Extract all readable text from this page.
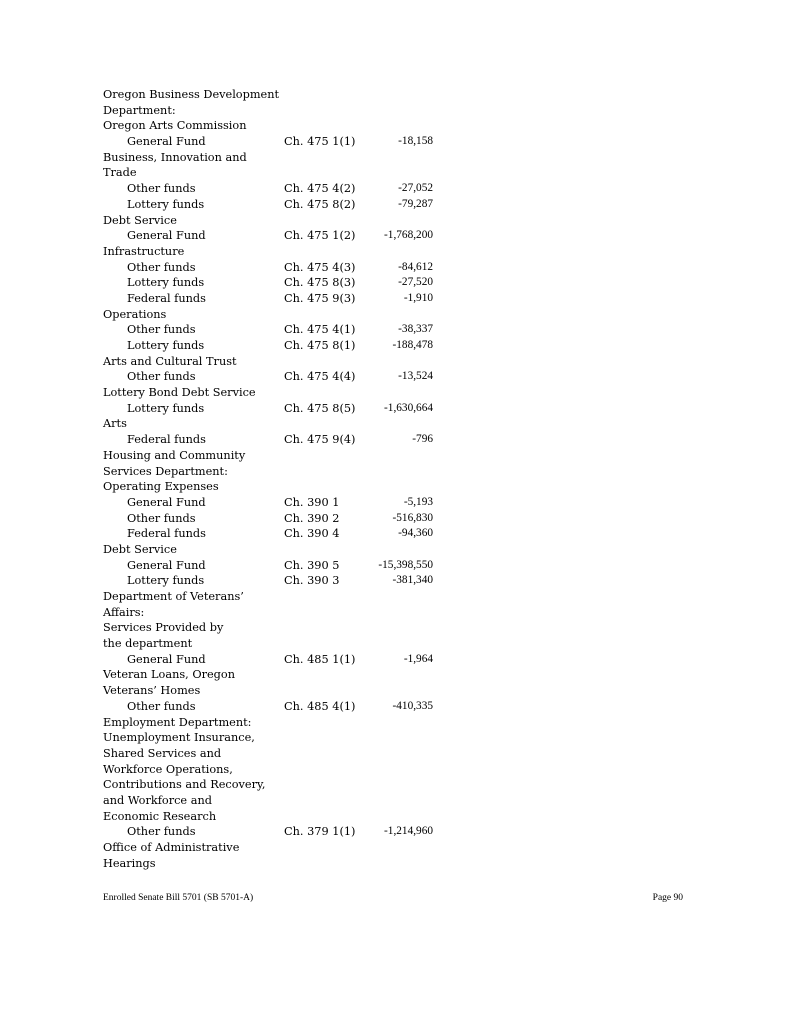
Oregon Business Development
Department:
Oregon Arts Commission
General Fund	Ch. 475 1(1)	-18,158
Business, Innovation and
Trade
Other funds	Ch. 475 4(2)	-27,052
Lottery funds	Ch. 475 8(2)	-79,287
Debt Service
General Fund	Ch. 475 1(2)	-1,768,200
Infrastructure
Other funds	Ch. 475 4(3)	-84,612
Lottery funds	Ch. 475 8(3)	-27,520
Federal funds	Ch. 475 9(3)	-1,910
Operations
Other funds	Ch. 475 4(1)	-38,337
Lottery funds	Ch. 475 8(1)	-188,478
Arts and Cultural Trust
Other funds	Ch. 475 4(4)	-13,524
Lottery Bond Debt Service
Lottery funds	Ch. 475 8(5)	-1,630,664
Arts
Federal funds	Ch. 475 9(4)	-796
Housing and Community
Services Department:
Operating Expenses
General Fund	Ch. 390 1	-5,193
Other funds	Ch. 390 2	-516,830
Federal funds	Ch. 390 4	-94,360
Debt Service
General Fund	Ch. 390 5	-15,398,550
Lottery funds	Ch. 390 3	-381,340
Department of Veterans’
Affairs:
Services Provided by
the department
General Fund	Ch. 485 1(1)	-1,964
Veteran Loans, Oregon
Veterans’ Homes
Other funds	Ch. 485 4(1)	-410,335
Employment Department:
Unemployment Insurance,
Shared Services and
Workforce Operations,
Contributions and Recovery,
and Workforce and
Economic Research
Other funds	Ch. 379 1(1)	-1,214,960
Office of Administrative
Hearings
Enrolled Senate Bill 5701 (SB 5701-A)	Page 90
